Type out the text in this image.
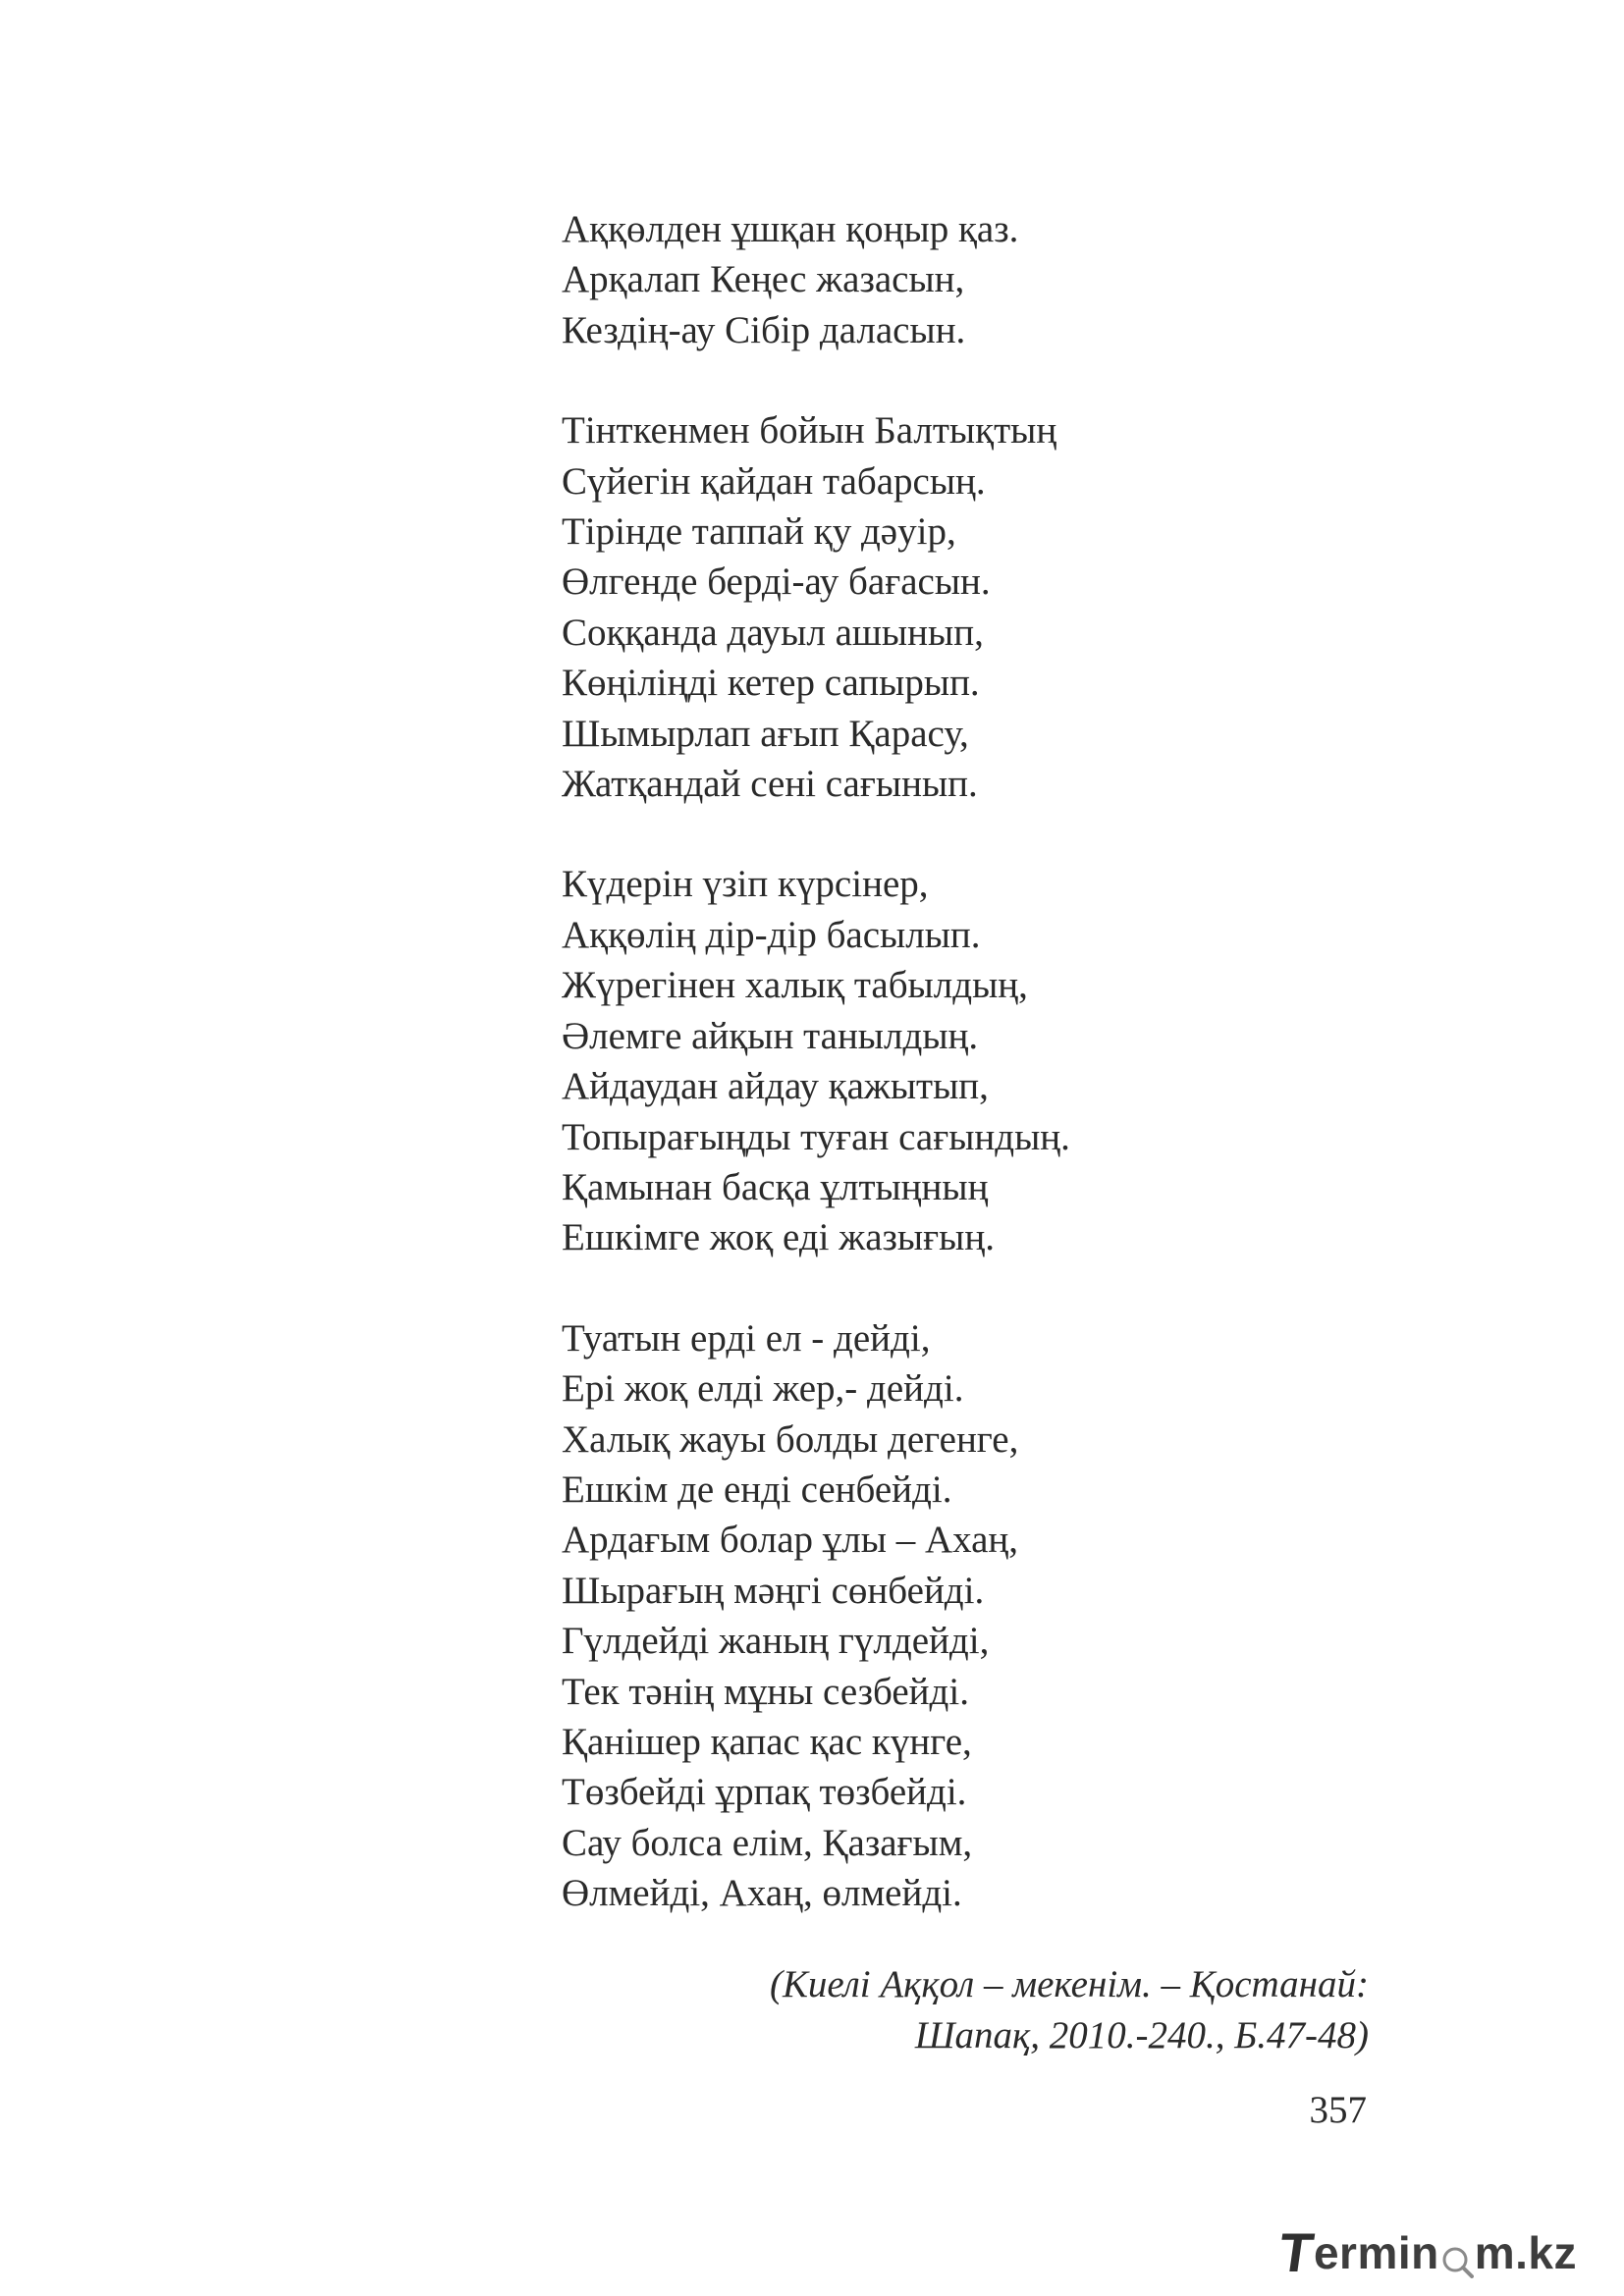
Аққөлден ұшқан қоңыр қаз.
Арқалап Кеңес жазасын,
Кездің-ау Сібір даласын.
Тінткенмен бойын Балтықтың
Сүйегін қайдан табарсың.
Тірінде таппай қу дәуір,
Өлгенде берді-ау бағасын.
Соққанда дауыл ашынып,
Көңіліңді кетер сапырып.
Шымырлап ағып Қарасу,
Жатқандай сені сағынып.
Күдерін үзіп күрсінер,
Аққөлің дір-дір басылып.
Жүрегінен халық табылдың,
Әлемге айқын танылдың.
Айдаудан айдау қажытып,
Топырағыңды туған сағындың.
Қамынан басқа ұлтыңның
Ешкімге жоқ еді жазығың.
Туатын ерді ел - дейді,
Ері жоқ елді жер,- дейді.
Халық жауы болды дегенге,
Ешкім де енді сенбейді.
Ардағым болар ұлы – Ахаң,
Шырағың мәңгі сөнбейді.
Гүлдейді жаның гүлдейді,
Тек тәнің мұны сезбейді.
Қанішер қапас қас күнге,
Төзбейді ұрпақ төзбейді.
Сау болса елім, Қазағым,
Өлмейді, Ахаң, өлмейді.
(Киелі Аққол – мекенім. – Қостанай:
Шапақ, 2010.-240., Б.47-48)
357
T
ermin m.kz
